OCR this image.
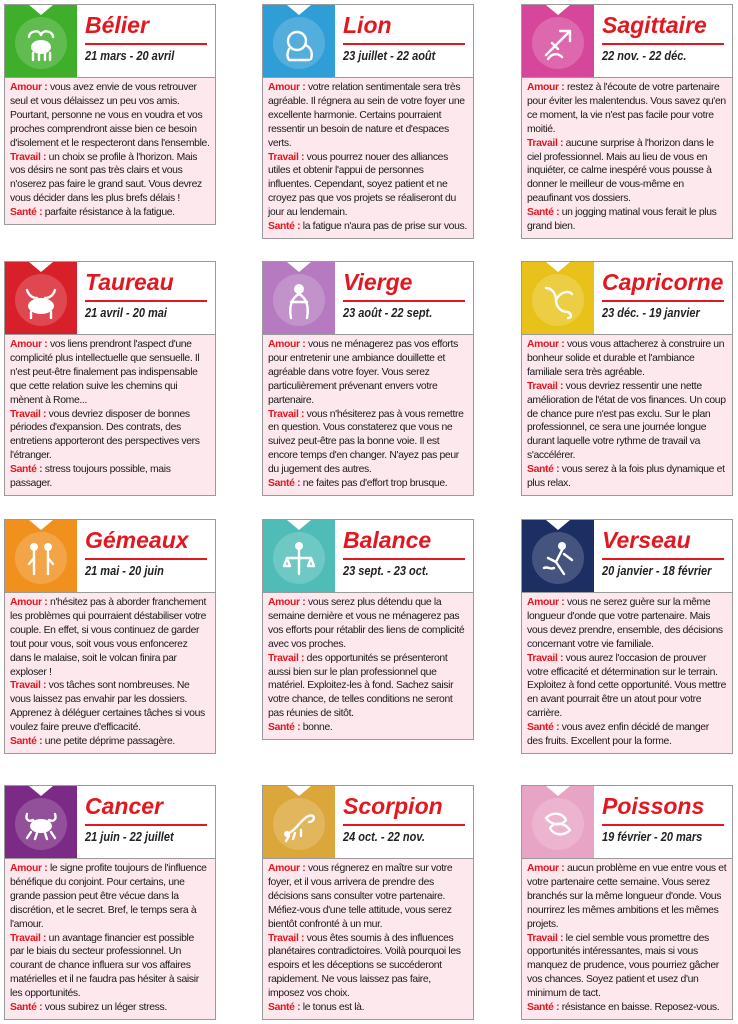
Bélier
21 mars - 20 avril

Amour : vous avez envie de vous retrouver seul et vous délaissez un peu vos amis. Pourtant, personne ne vous en voudra et vos proches comprendront aisse bien ce besoin d'isolement et le respecteront dans l'ensemble.

Travail : un choix se profile à l'horizon. Mais vos désirs ne sont pas très clairs et vous n'oserez pas faire le grand saut. Vous devrez vous décider dans les plus brefs délais !

Santé : parfaite résistance à la fatigue.

Lion
23 juillet - 22 août

Amour : votre relation sentimentale sera très agréable. Il régnera au sein de votre foyer une excellente harmonie. Certains pourraient ressentir un besoin de nature et d'espaces verts.

Travail : vous pourrez nouer des alliances utiles et obtenir l'appui de personnes influentes. Cependant, soyez patient et ne croyez pas que vos projets se réaliseront du jour au lendemain.

Santé : la fatigue n'aura pas de prise sur vous.

Sagittaire
22 nov. - 22 déc.

Amour : restez à l'écoute de votre partenaire pour éviter les malentendus. Vous savez qu'en ce moment, la vie n'est pas facile pour votre moitié.

Travail : aucune surprise à l'horizon dans le ciel professionnel. Mais au lieu de vous en inquiéter, ce calme inespéré vous pousse à donner le meilleur de vous-même en peaufinant vos dossiers.

Santé : un jogging matinal vous ferait le plus grand bien.

Taureau
21 avril - 20 mai

Amour : vos liens prendront l'aspect d'une complicité plus intellectuelle que sensuelle. Il n'est peut-être finalement pas indispensable que cette relation suive les chemins qui mènent à Rome...

Travail : vous devriez disposer de bonnes périodes d'expansion. Des contrats, des entretiens apporteront des perspectives vers l'étranger.

Santé : stress toujours possible, mais passager.

Vierge
23 août - 22 sept.

Amour : vous ne ménagerez pas vos efforts pour entretenir une ambiance douillette et agréable dans votre foyer. Vous serez particulièrement prévenant envers votre partenaire.

Travail : vous n'hésiterez pas à vous remettre en question. Vous constaterez que vous ne suivez peut-être pas la bonne voie. Il est encore temps d'en changer. N'ayez pas peur du jugement des autres.

Santé : ne faites pas d'effort trop brusque.

Capricorne
23 déc. - 19 janvier

Amour : vous vous attacherez à construire un bonheur solide et durable et l'ambiance familiale sera très agréable.

Travail : vous devriez ressentir une nette amélioration de l'état de vos finances. Un coup de chance pure n'est pas exclu. Sur le plan professionnel, ce sera une journée longue durant laquelle votre rythme de travail va s'accélérer.

Santé : vous serez à la fois plus dynamique et plus relax.

Gémeaux
21 mai - 20 juin

Amour : n'hésitez pas à aborder franchement les problèmes qui pourraient déstabiliser votre couple. En effet, si vous continuez de garder tout pour vous, soit vous vous enfoncerez dans le malaise, soit le volcan finira par exploser !

Travail : vos tâches sont nombreuses. Ne vous laissez pas envahir par les dossiers. Apprenez à déléguer certaines tâches si vous voulez faire preuve d'efficacité.

Santé : une petite déprime passagère.

Balance
23 sept. - 23 oct.

Amour : vous serez plus détendu que la semaine dernière et vous ne ménagerez pas vos efforts pour rétablir des liens de complicité avec vos proches.

Travail : des opportunités se présenteront aussi bien sur le plan professionnel que matériel. Exploitez-les à fond. Sachez saisir votre chance, de telles conditions ne seront pas réunies de sitôt.

Santé : bonne.

Verseau
20 janvier - 18 février

Amour : vous ne serez guère sur la même longueur d'onde que votre partenaire. Mais vous devez prendre, ensemble, des décisions concernant votre vie familiale.

Travail : vous aurez l'occasion de prouver votre efficacité et détermination sur le terrain. Exploitez à fond cette opportunité. Vous mettre en avant pourrait être un atout pour votre carrière.

Santé : vous avez enfin décidé de manger des fruits. Excellent pour la forme.

Cancer
21 juin - 22 juillet

Amour : le signe profite toujours de l'influence bénéfique du conjoint. Pour certains, une grande passion peut être vécue dans la discrétion, et le secret. Bref, le temps sera à l'amour.

Travail : un avantage financier est possible par le biais du secteur professionnel. Un courant de chance influera sur vos affaires matérielles et il ne faudra pas hésiter à saisir les opportunités.

Santé : vous subirez un léger stress.

Scorpion
24 oct. - 22 nov.

Amour : vous régnerez en maître sur votre foyer, et il vous arrivera de prendre des décisions sans consulter votre partenaire. Méfiez-vous d'une telle attitude, vous serez bientôt confronté à un mur.

Travail : vous êtes soumis à des influences planétaires contradictoires. Voilà pourquoi les espoirs et les déceptions se succéderont rapidement. Ne vous laissez pas faire, imposez vos choix.

Santé : le tonus est là.

Poissons
19 février - 20 mars

Amour : aucun problème en vue entre vous et votre partenaire cette semaine. Vous serez branchés sur la même longueur d'onde. Vous nourrirez les mêmes ambitions et les mêmes projets.

Travail : le ciel semble vous promettre des opportunités intéressantes, mais si vous manquez de prudence, vous pourriez gâcher vos chances. Soyez patient et usez d'un minimum de tact.

Santé : résistance en baisse. Reposez-vous.
